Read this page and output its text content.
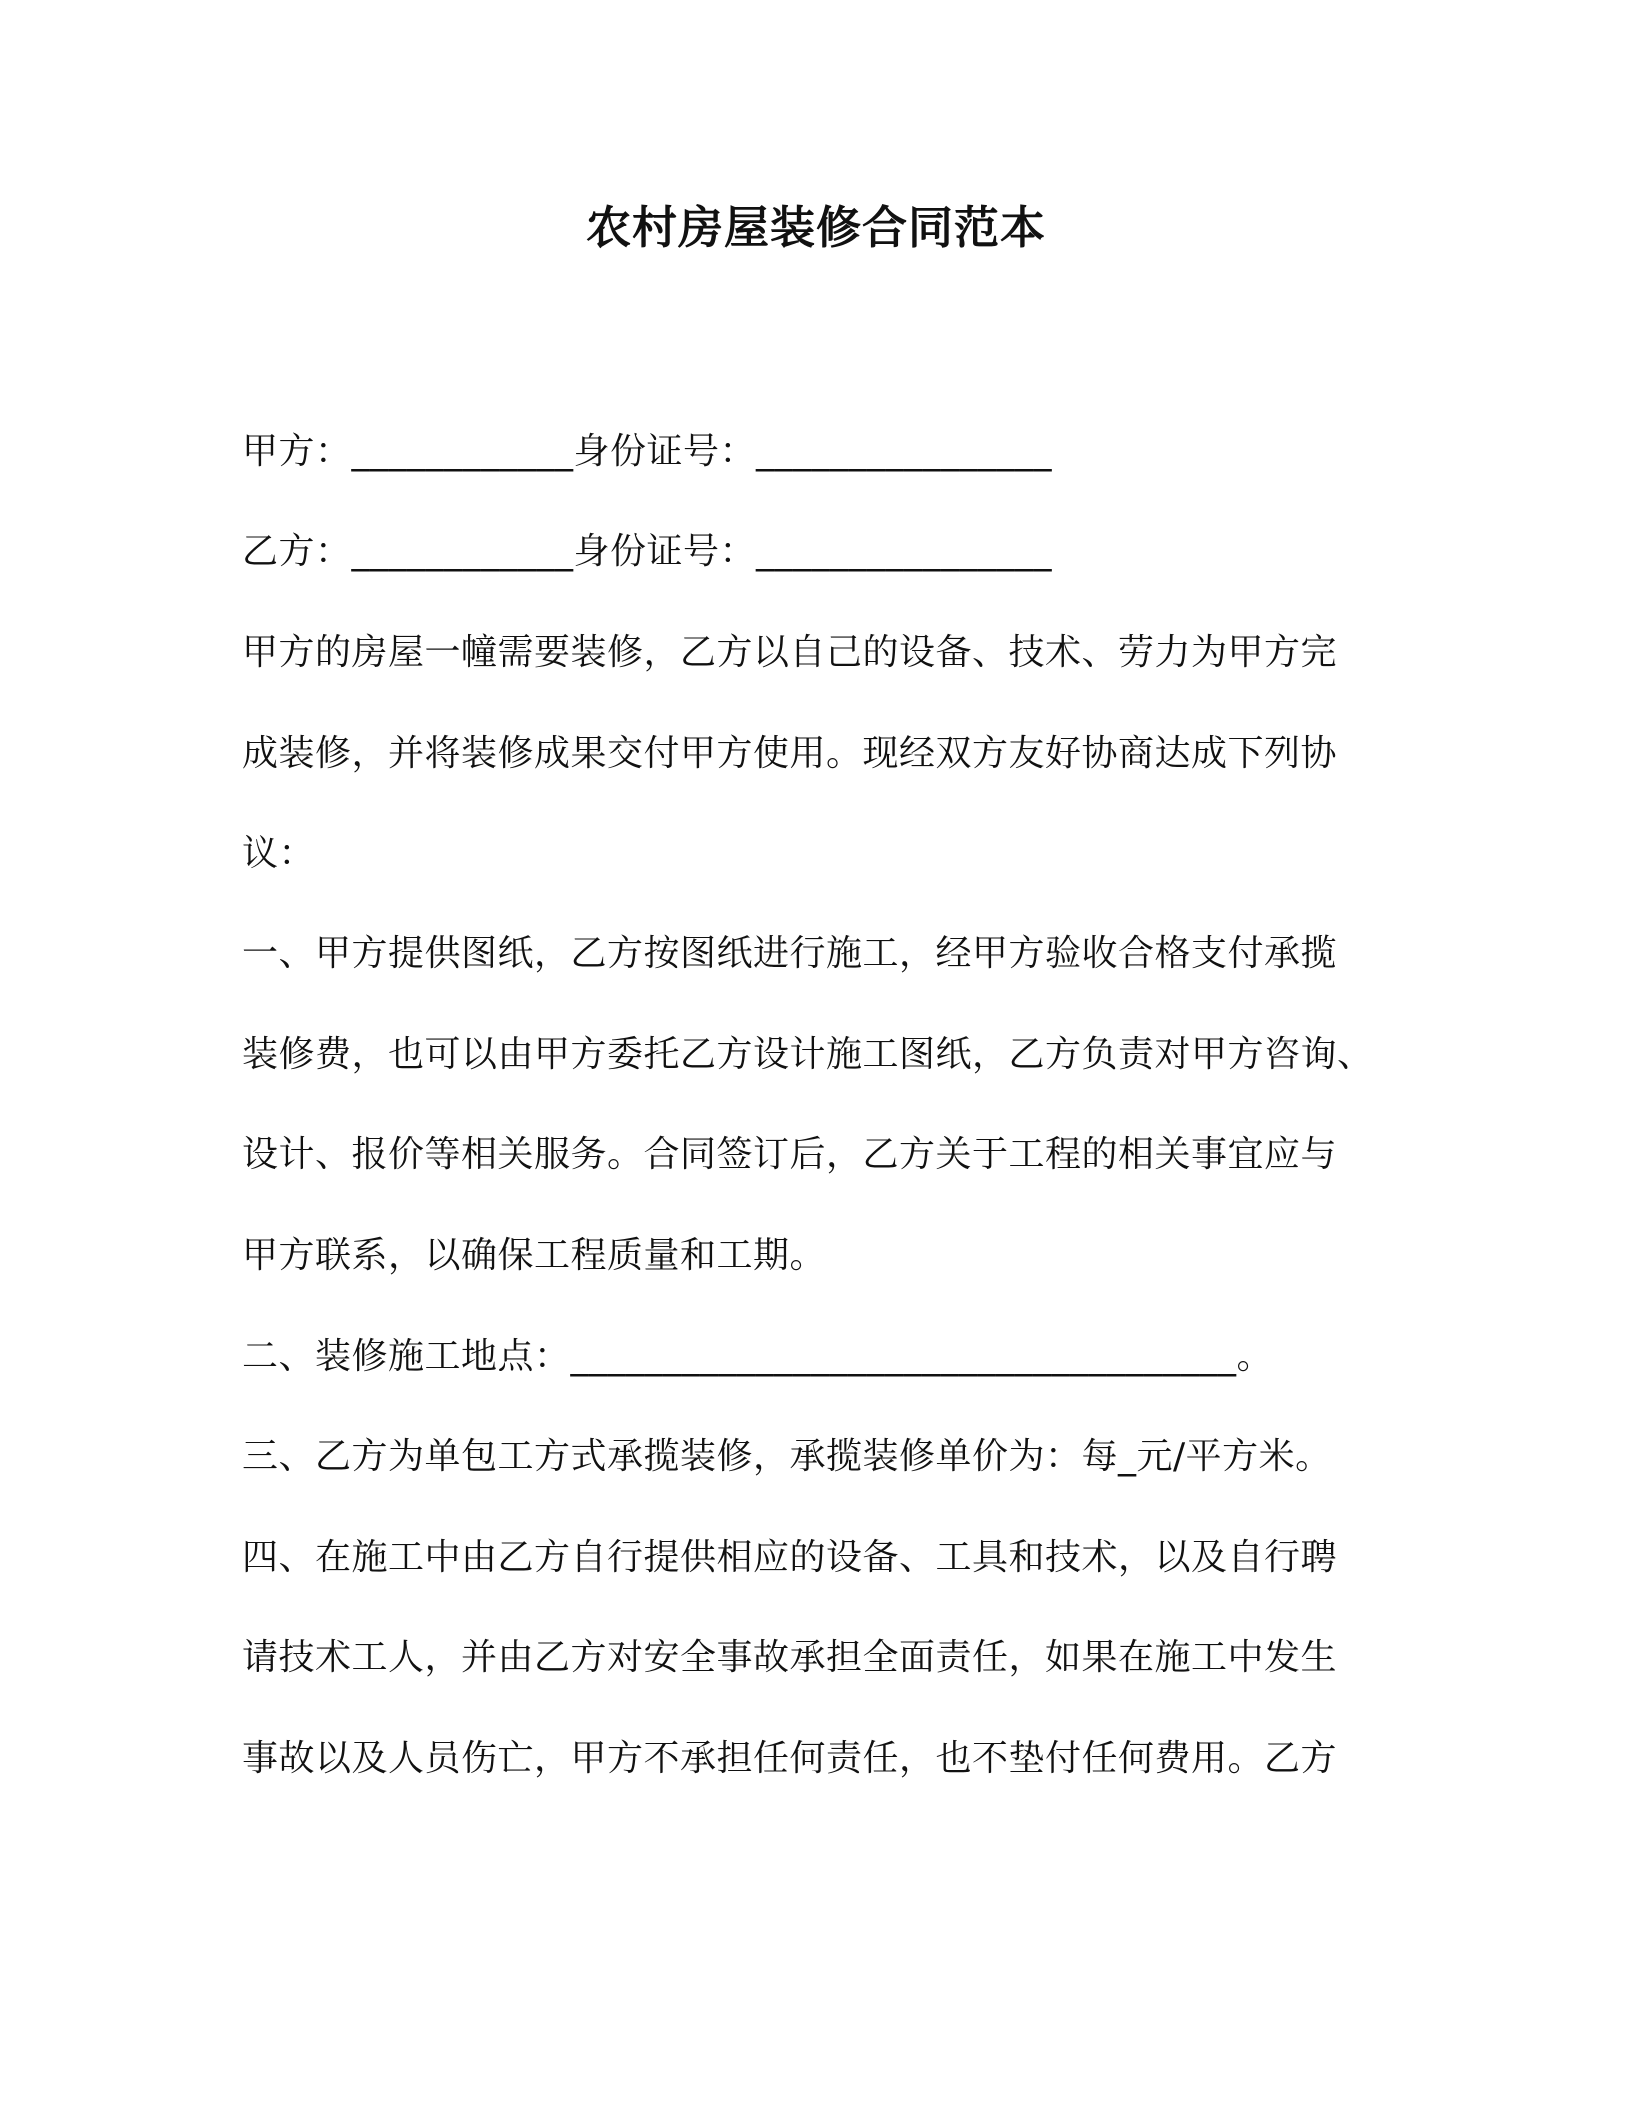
农村房屋装修合同范本
甲方：____________身份证号：________________
乙方：____________身份证号：________________
甲方的房屋一幢需要装修，乙方以自己的设备、技术、劳力为甲方完
成装修，并将装修成果交付甲方使用。现经双方友好协商达成下列协
议：
一、甲方提供图纸，乙方按图纸进行施工，经甲方验收合格支付承揽
装修费，也可以由甲方委托乙方设计施工图纸，乙方负责对甲方咨询、
设计、报价等相关服务。合同签订后，乙方关于工程的相关事宜应与
甲方联系，以确保工程质量和工期。
二、装修施工地点：____________________________________。
三、乙方为单包工方式承揽装修，承揽装修单价为：每_元/平方米。
四、在施工中由乙方自行提供相应的设备、工具和技术，以及自行聘
请技术工人，并由乙方对安全事故承担全面责任，如果在施工中发生
事故以及人员伤亡，甲方不承担任何责任，也不垫付任何费用。乙方
